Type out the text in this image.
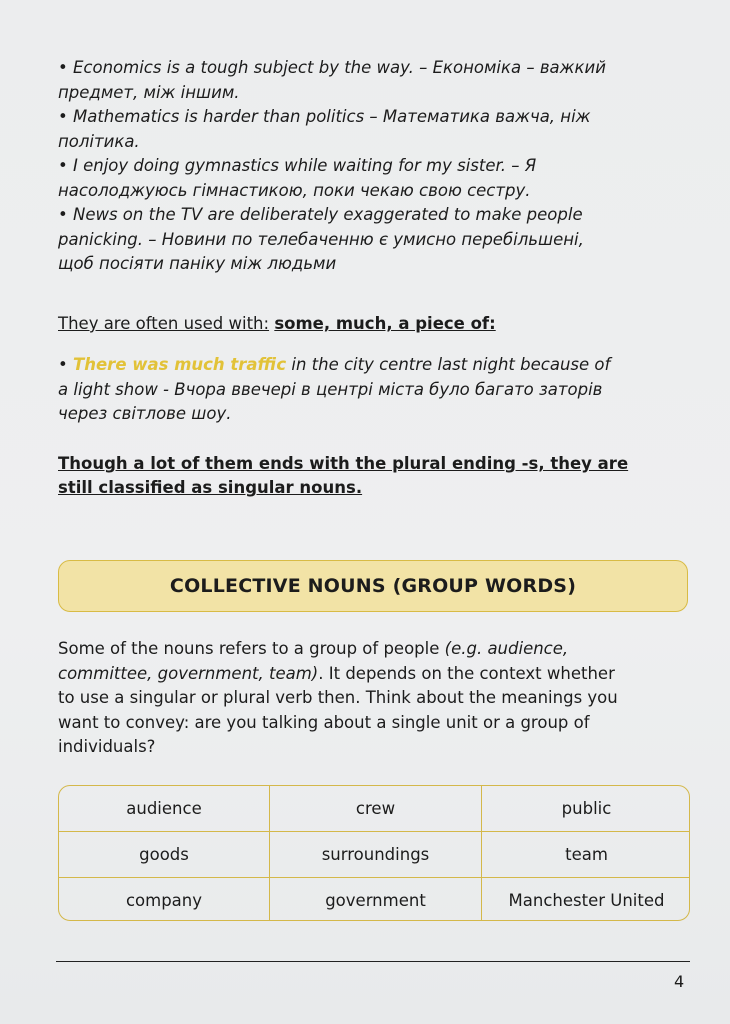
• Economics is a tough subject by the way. – Економіка – важкий
предмет, між іншим.

• Mathematics is harder than politics – Математика важча, ніж
політика.

• I enjoy doing gymnastics while waiting for my sister. – Я
насолоджуюсь гімнастикою, поки чекаю свою сестру.

• News on the TV are deliberately exaggerated to make people
panicking. – Новини по телебаченню є умисно перебільшені,
щоб посіяти паніку між людьми

They are often used with: some, much, a piece of:
• There was much traffic in the city centre last night because of
a light show - Вчора ввечері в центрі міста було багато заторів
через світлове шоу.
Though a lot of them ends with the plural ending -s, they are
still classified as singular nouns.
COLLECTIVE NOUNS (GROUP WORDS)
Some of the nouns refers to a group of people (e.g. audience,
committee, government, team). It depends on the context whether
to use a singular or plural verb then. Think about the meanings you
want to convey: are you talking about a single unit or a group of
individuals?
audience	crew	public
goods	surroundings	team
company	government	Manchester United
4
